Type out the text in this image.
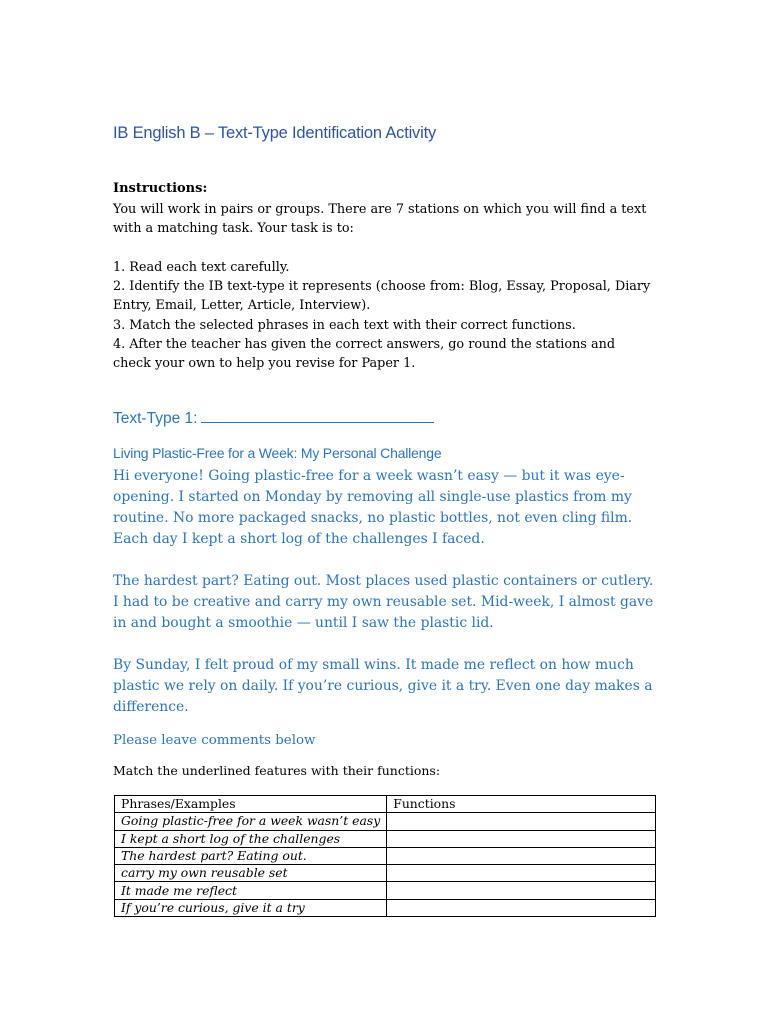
IB English B – Text-Type Identification Activity
Instructions:

You will work in pairs or groups. There are 7 stations on which you will find a text with a matching task. Your task is to:

1. Read each text carefully.

2. Identify the IB text-type it represents (choose from: Blog, Essay, Proposal, Diary Entry, Email, Letter, Article, Interview).

3. Match the selected phrases in each text with their correct functions.

4. After the teacher has given the correct answers, go round the stations and check your own to help you revise for Paper 1.

Text-Type 1:
Living Plastic-Free for a Week: My Personal Challenge

Hi everyone! Going plastic-free for a week wasn’t easy — but it was eye-opening. I started on Monday by removing all single-use plastics from my routine. No more packaged snacks, no plastic bottles, not even cling film. Each day I kept a short log of the challenges I faced.

The hardest part? Eating out. Most places used plastic containers or cutlery. I had to be creative and carry my own reusable set. Mid-week, I almost gave in and bought a smoothie — until I saw the plastic lid.

By Sunday, I felt proud of my small wins. It made me reflect on how much plastic we rely on daily. If you’re curious, give it a try. Even one day makes a difference.

Please leave comments below

Match the underlined features with their functions:
Phrases/Examples	Functions
Going plastic-free for a week wasn’t easy	
I kept a short log of the challenges	
The hardest part? Eating out.	
carry my own reusable set	
It made me reflect	
If you’re curious, give it a try	
